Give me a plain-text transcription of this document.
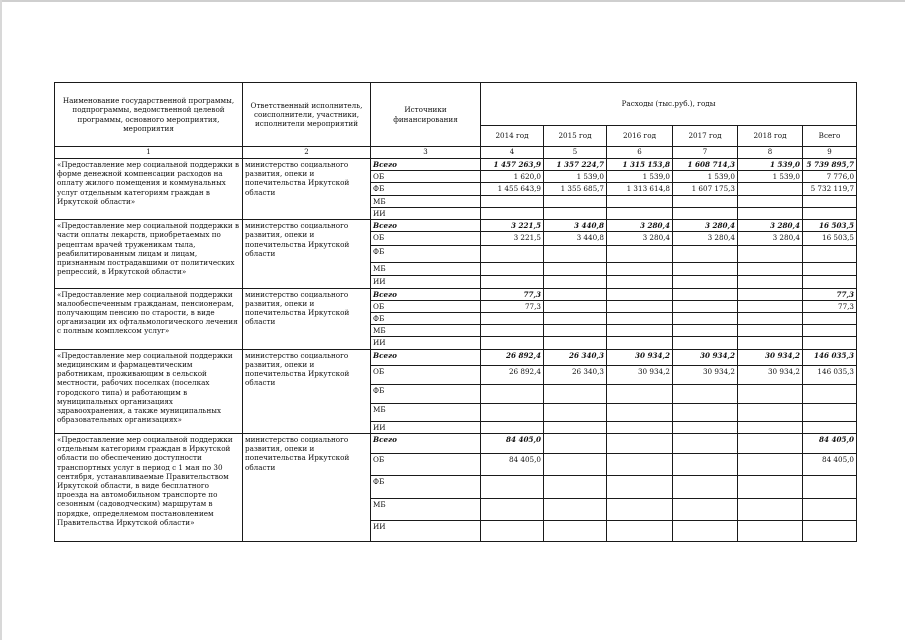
Наименование государственной программы, подпрограммы, ведомственной целевой программы, основного мероприятия, мероприятия	Ответственный исполнитель, соисполнители, участники, исполнители мероприятий	Источники финансирования	Расходы (тыс.руб.), годы					
			2014 год	2015 год	2016 год	2017 год	2018 год	Всего
1	2	3	4	5	6	7	8	9
«Предоставление мер социальной поддержки в форме денежной компенсации расходов на оплату жилого помещения и коммунальных услуг отдельным категориям граждан в Иркутской области»	министерство социального развития, опеки и попечительства Иркутской области	Всего	1 457 263,9	1 357 224,7	1 315 153,8	1 608 714,3	1 539,0	5 739 895,7
		ОБ	1 620,0	1 539,0	1 539,0	1 539,0	1 539,0	7 776,0
		ФБ	1 455 643,9	1 355 685,7	1 313 614,8	1 607 175,3		5 732 119,7
		МБ						
		ИИ						
«Предоставление мер социальной поддержки в части оплаты лекарств, приобретаемых по рецептам врачей труженикам тыла, реабилитированным лицам и лицам, признанным пострадавшими от политических репрессий, в Иркутской области»	министерство социального развития, опеки и попечительства Иркутской области	Всего	3 221,5	3 440,8	3 280,4	3 280,4	3 280,4	16 503,5
		ОБ	3 221,5	3 440,8	3 280,4	3 280,4	3 280,4	16 503,5
		ФБ						
		МБ						
		ИИ						
«Предоставление мер социальной поддержки малообеспеченным гражданам, пенсионерам, получающим пенсию по старости, в виде организации их офтальмологического лечения с полным комплексом услуг»	министерство социального развития, опеки и попечительства Иркутской области	Всего	77,3					77,3
		ОБ	77,3					77,3
		ФБ						
		МБ						
		ИИ						
«Предоставление мер социальной поддержки медицинским и фармацевтическим работникам, проживающим в сельской местности, рабочих поселках (поселках городского типа) и работающим в муниципальных организациях здравоохранения, а также муниципальных образовательных организациях»	министерство социального развития, опеки и попечительства Иркутской области	Всего	26 892,4	26 340,3	30 934,2	30 934,2	30 934,2	146 035,3
		ОБ	26 892,4	26 340,3	30 934,2	30 934,2	30 934,2	146 035,3
		ФБ						
		МБ						
		ИИ						
«Предоставление мер социальной поддержки отдельным категориям граждан в Иркутской области по обеспечению доступности транспортных услуг в период с 1 мая по 30 сентября, устанавливаемые Правительством Иркутской области, в виде бесплатного проезда на автомобильном транспорте по сезонным (садоводческим) маршрутам в порядке, определяемом постановлением Правительства Иркутской области»	министерство социального развития, опеки и попечительства Иркутской области	Всего	84 405,0					84 405,0
		ОБ	84 405,0					84 405,0
		ФБ						
		МБ						
		ИИ						
